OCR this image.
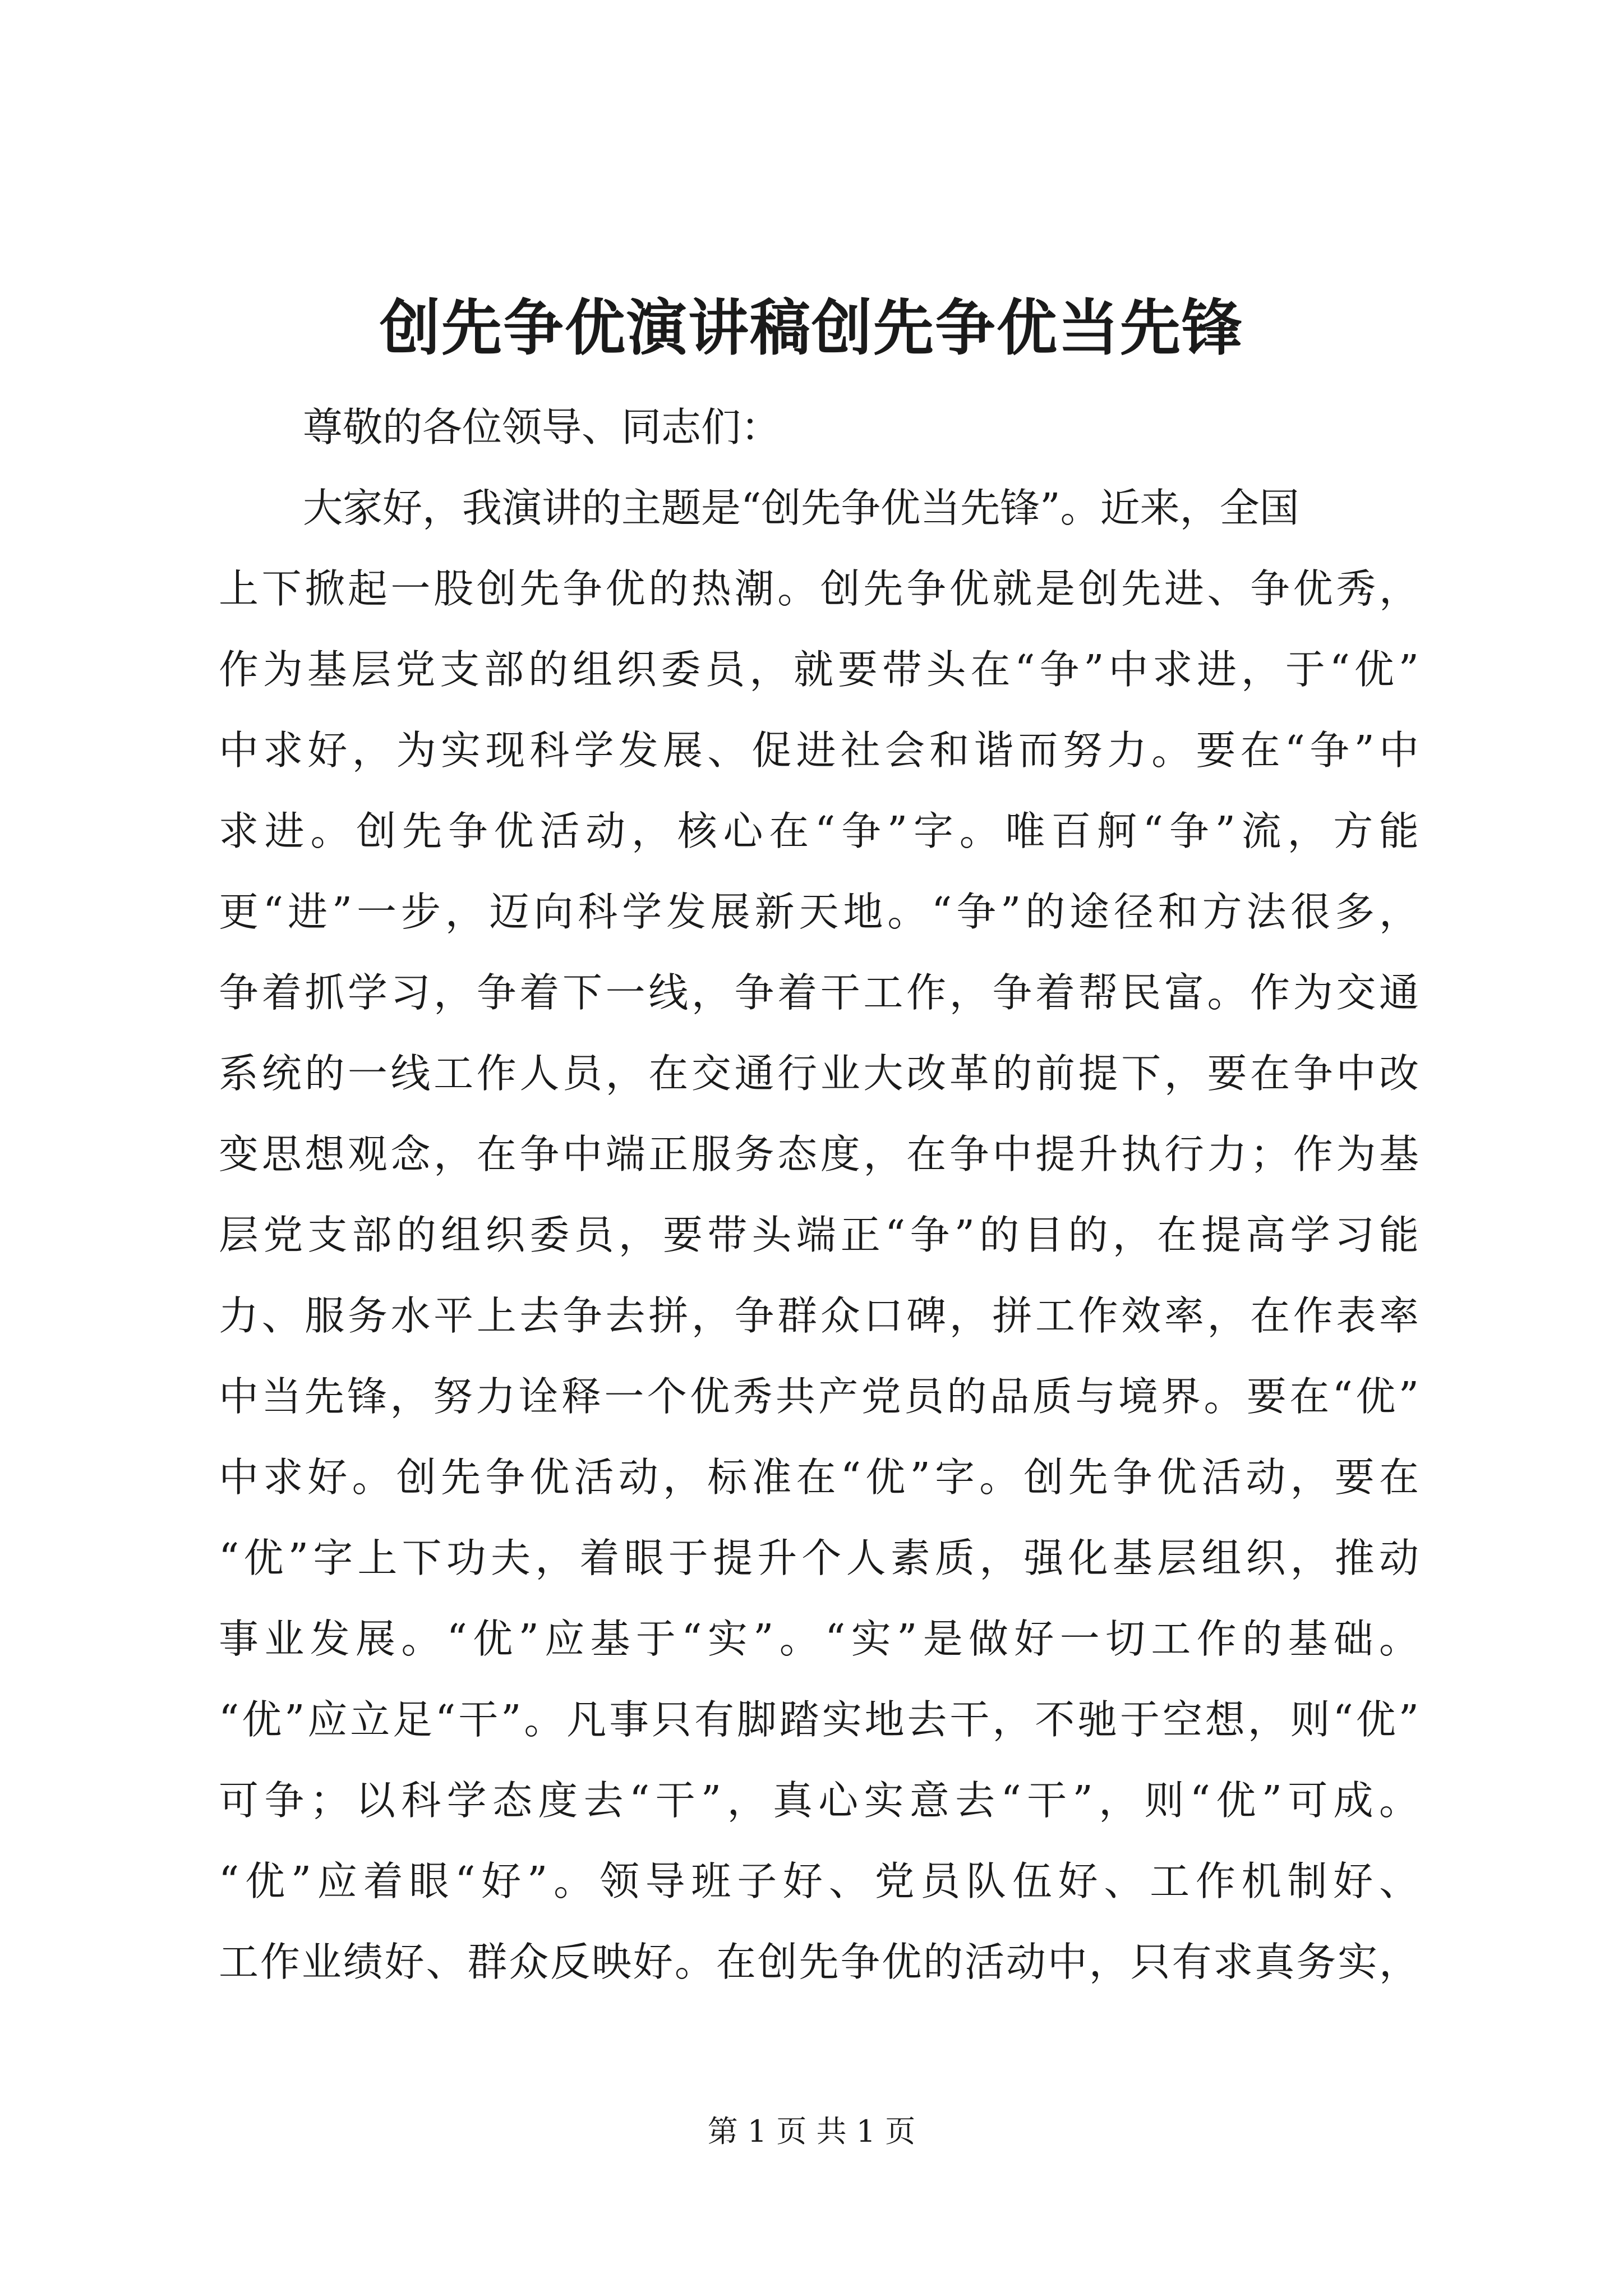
创先争优演讲稿创先争优当先锋
尊敬的各位领导、同志们：
大家好，我演讲的主题是“创先争优当先锋”。近来，全国
上下掀起一股创先争优的热潮。创先争优就是创先进、争优秀，
作为基层党支部的组织委员，就要带头在“争”中求进，于“优”
中求好，为实现科学发展、促进社会和谐而努力。要在“争”中
求进。创先争优活动，核心在“争”字。唯百舸“争”流，方能
更“进”一步，迈向科学发展新天地。“争”的途径和方法很多，
争着抓学习，争着下一线，争着干工作，争着帮民富。作为交通
系统的一线工作人员，在交通行业大改革的前提下，要在争中改
变思想观念，在争中端正服务态度，在争中提升执行力；作为基
层党支部的组织委员，要带头端正“争”的目的，在提高学习能
力、服务水平上去争去拼，争群众口碑，拼工作效率，在作表率
中当先锋，努力诠释一个优秀共产党员的品质与境界。要在“优”
中求好。创先争优活动，标准在“优”字。创先争优活动，要在
“优”字上下功夫，着眼于提升个人素质，强化基层组织，推动
事业发展。“优”应基于“实”。“实”是做好一切工作的基础。
“优”应立足“干”。凡事只有脚踏实地去干，不驰于空想，则“优”
可争；以科学态度去“干”，真心实意去“干”，则“优”可成。
“优”应着眼“好”。领导班子好、党员队伍好、工作机制好、
工作业绩好、群众反映好。在创先争优的活动中，只有求真务实，
第 1 页 共 1 页
